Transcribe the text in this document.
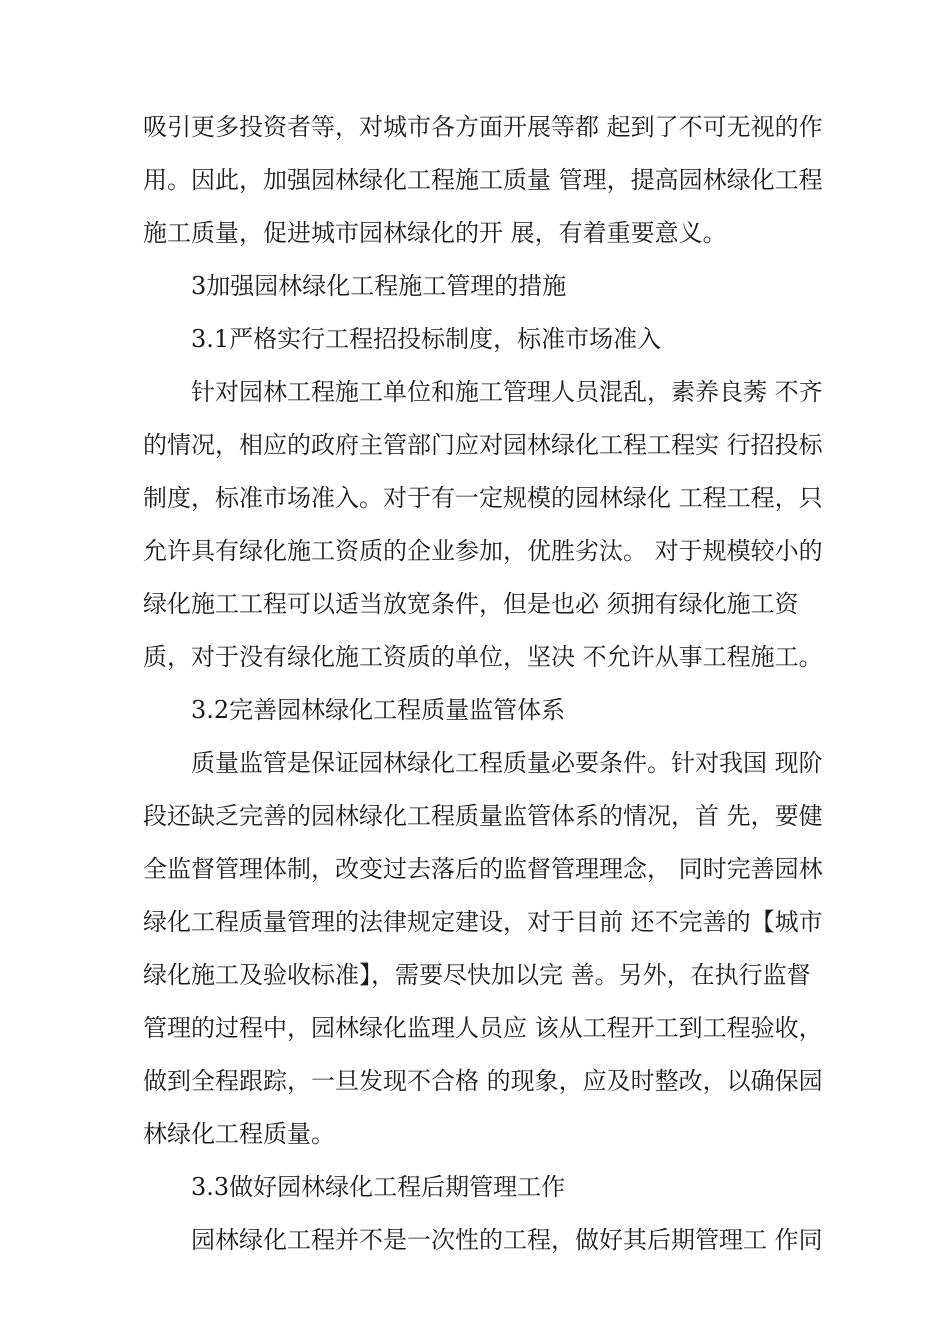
吸引更多投资者等，对城市各方面开展等都 起到了不可无视的作
用。因此，加强园林绿化工程施工质量 管理，提高园林绿化工程
施工质量，促进城市园林绿化的开 展，有着重要意义。
3加强园林绿化工程施工管理的措施
3.1严格实行工程招投标制度，标准市场准入
针对园林工程施工单位和施工管理人员混乱，素养良莠 不齐
的情况，相应的政府主管部门应对园林绿化工程工程实 行招投标
制度，标准市场准入。对于有一定规模的园林绿化 工程工程，只
允许具有绿化施工资质的企业参加，优胜劣汰。 对于规模较小的
绿化施工工程可以适当放宽条件，但是也必 须拥有绿化施工资
质，对于没有绿化施工资质的单位，坚决 不允许从事工程施工。
3.2完善园林绿化工程质量监管体系
质量监管是保证园林绿化工程质量必要条件。针对我国 现阶
段还缺乏完善的园林绿化工程质量监管体系的情况，首 先，要健
全监督管理体制，改变过去落后的监督管理理念， 同时完善园林
绿化工程质量管理的法律规定建设，对于目前 还不完善的【城市
绿化施工及验收标准】，需要尽快加以完 善。另外，在执行监督
管理的过程中，园林绿化监理人员应 该从工程开工到工程验收，
做到全程跟踪，一旦发现不合格 的现象，应及时整改，以确保园
林绿化工程质量。
3.3做好园林绿化工程后期管理工作
园林绿化工程并不是一次性的工程，做好其后期管理工 作同
